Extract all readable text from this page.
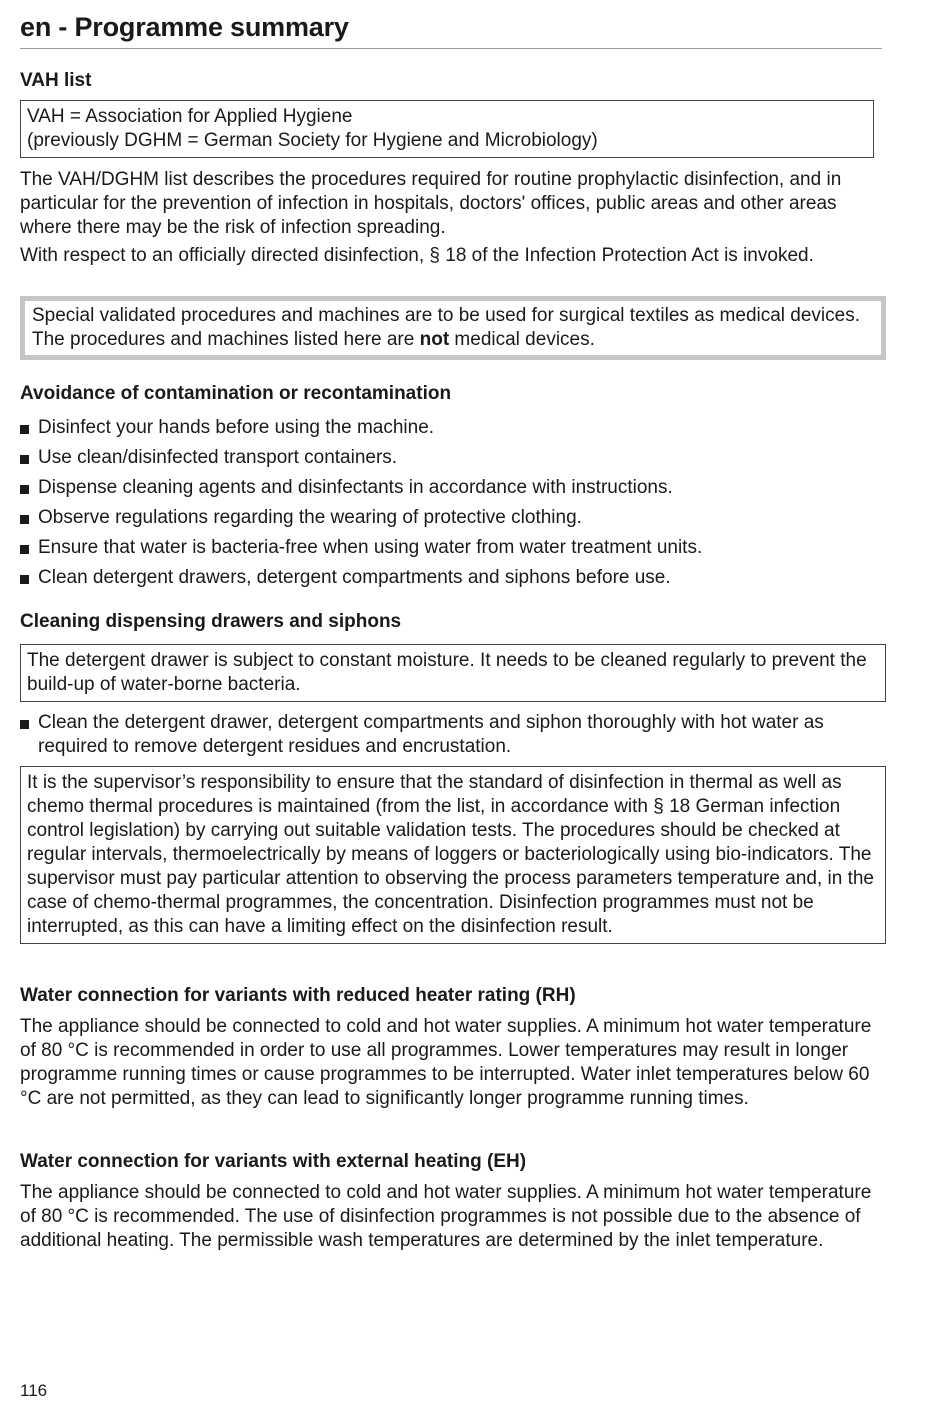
en - Programme summary
VAH list

VAH = Association for Applied Hygiene

(previously DGHM = German Society for Hygiene and Microbiology)

The VAH/DGHM list describes the procedures required for routine prophylactic disinfection, and in particular for the prevention of infection in hospitals, doctors' offices, public areas and other areas where there may be the risk of infection spreading.

With respect to an officially directed disinfection, § 18 of the Infection Protection Act is invoked.

Special validated procedures and machines are to be used for surgical textiles as medical devices. The procedures and machines listed here are not medical devices.

Avoidance of contamination or recontamination
Disinfect your hands before using the machine.
Use clean/disinfected transport containers.
Dispense cleaning agents and disinfectants in accordance with instructions.
Observe regulations regarding the wearing of protective clothing.
Ensure that water is bacteria-free when using water from water treatment units.
Clean detergent drawers, detergent compartments and siphons before use.
Cleaning dispensing drawers and siphons

The detergent drawer is subject to constant moisture. It needs to be cleaned regularly to prevent the build-up of water-borne bacteria.

Clean the detergent drawer, detergent compartments and siphon thoroughly with hot water as required to remove detergent residues and encrustation.

It is the supervisor’s responsibility to ensure that the standard of disinfection in thermal as well as chemo thermal procedures is maintained (from the list, in accordance with § 18 German infection control legislation) by carrying out suitable validation tests. The procedures should be checked at regular intervals, thermoelectrically by means of loggers or bacteriologically using bio-indicators. The supervisor must pay particular attention to observing the process parameters temperature and, in the case of chemo-thermal programmes, the concentration. Disinfection programmes must not be interrupted, as this can have a limiting effect on the disinfection result.

Water connection for variants with reduced heater rating (RH)

The appliance should be connected to cold and hot water supplies. A minimum hot water temperature of 80 °C is recommended in order to use all programmes. Lower temperatures may result in longer programme running times or cause programmes to be interrupted. Water inlet temperatures below 60 °C are not permitted, as they can lead to significantly longer programme running times.

Water connection for variants with external heating (EH)

The appliance should be connected to cold and hot water supplies. A minimum hot water temperature of 80 °C is recommended. The use of disinfection programmes is not possible due to the absence of additional heating. The permissible wash temperatures are determined by the inlet temperature.

116
